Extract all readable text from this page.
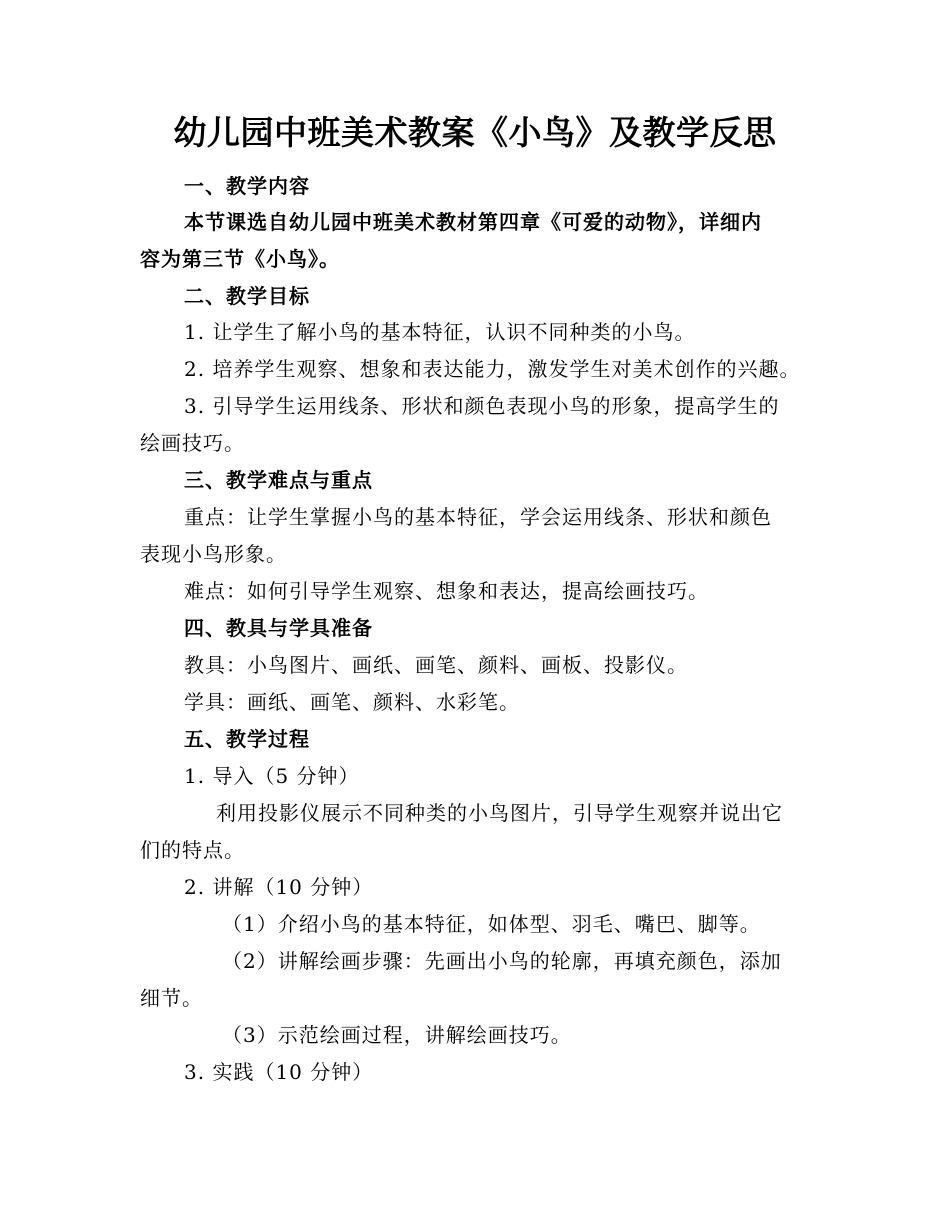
幼儿园中班美术教案《小鸟》及教学反思
一、教学内容
本节课选自幼儿园中班美术教材第四章《可爱的动物》，详细内
容为第三节《小鸟》。
二、教学目标
1. 让学生了解小鸟的基本特征，认识不同种类的小鸟。
2. 培养学生观察、想象和表达能力，激发学生对美术创作的兴趣。
3. 引导学生运用线条、形状和颜色表现小鸟的形象，提高学生的
绘画技巧。
三、教学难点与重点
重点：让学生掌握小鸟的基本特征，学会运用线条、形状和颜色
表现小鸟形象。
难点：如何引导学生观察、想象和表达，提高绘画技巧。
四、教具与学具准备
教具：小鸟图片、画纸、画笔、颜料、画板、投影仪。
学具：画纸、画笔、颜料、水彩笔。
五、教学过程
1. 导入（5 分钟）
利用投影仪展示不同种类的小鸟图片，引导学生观察并说出它
们的特点。
2. 讲解（10 分钟）
（1）介绍小鸟的基本特征，如体型、羽毛、嘴巴、脚等。
（2）讲解绘画步骤：先画出小鸟的轮廓，再填充颜色，添加
细节。
（3）示范绘画过程，讲解绘画技巧。
3. 实践（10 分钟）
